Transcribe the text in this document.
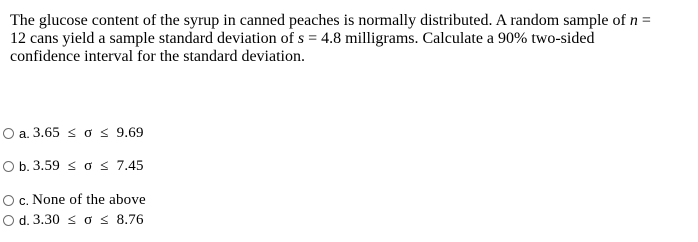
The glucose content of the syrup in canned peaches is normally distributed. A random sample of n =
12 cans yield a sample standard deviation of s = 4.8 milligrams. Calculate a 90% two-sided
confidence interval for the standard deviation.

a. 3.65  ≤  σ  ≤  9.69
b. 3.59  ≤  σ  ≤  7.45
c. None of the above
d. 3.30  ≤  σ  ≤  8.76
